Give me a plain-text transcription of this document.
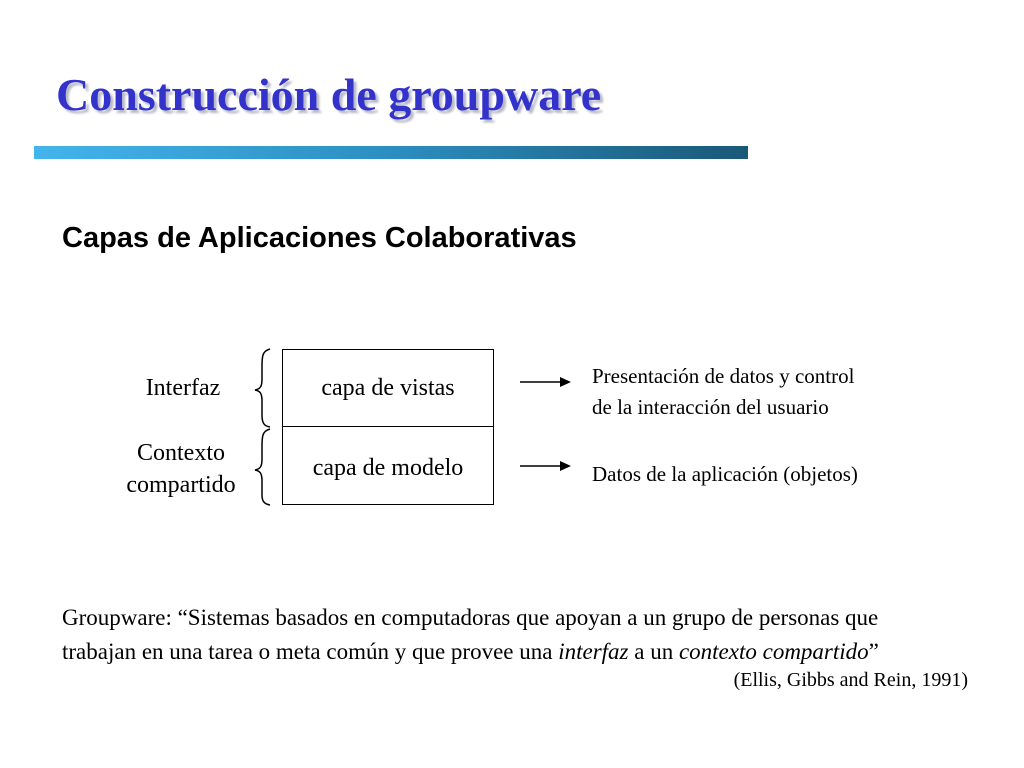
Construcción de groupware
Capas de Aplicaciones Colaborativas
Interfaz
Contexto
compartido
capa de vistas
capa de modelo
Presentación de datos y control
de la interacción del usuario
Datos de la aplicación (objetos)
Groupware: “Sistemas basados en computadoras que apoyan a un grupo de personas que
trabajan en una tarea o meta común y que provee una interfaz a un contexto compartido”
(Ellis, Gibbs and Rein, 1991)
